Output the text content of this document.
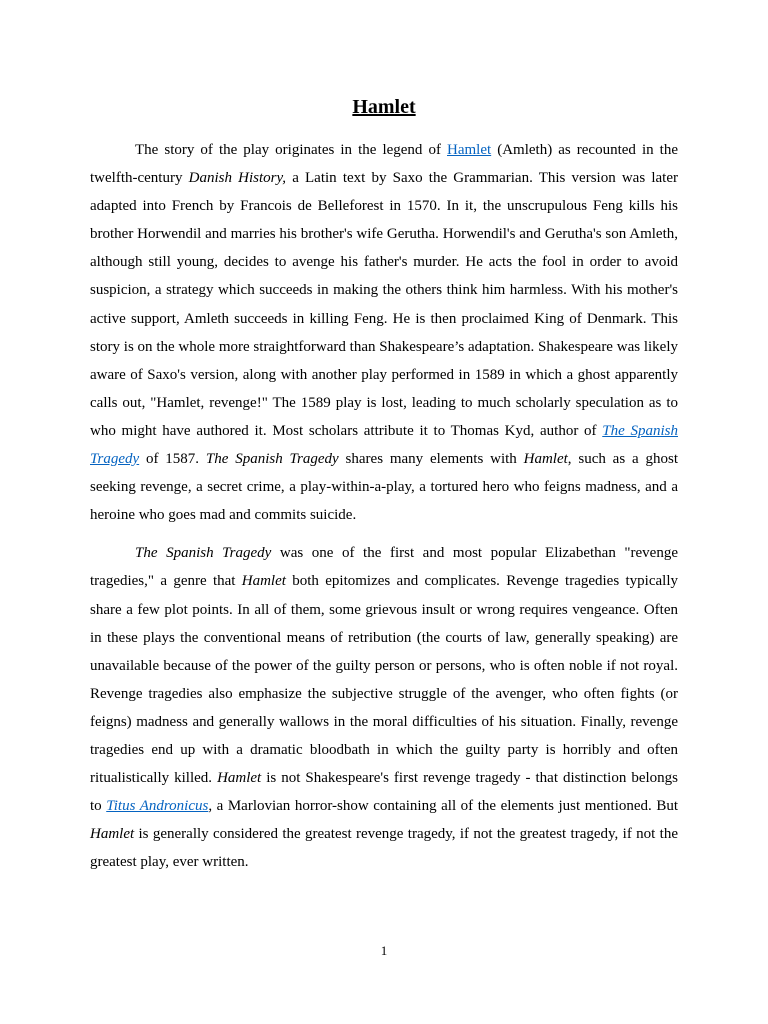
Hamlet

The story of the play originates in the legend of Hamlet (Amleth) as recounted in the twelfth-century Danish History, a Latin text by Saxo the Grammarian. This version was later adapted into French by Francois de Belleforest in 1570. In it, the unscrupulous Feng kills his brother Horwendil and marries his brother's wife Gerutha. Horwendil's and Gerutha's son Amleth, although still young, decides to avenge his father's murder. He acts the fool in order to avoid suspicion, a strategy which succeeds in making the others think him harmless. With his mother's active support, Amleth succeeds in killing Feng. He is then proclaimed King of Denmark. This story is on the whole more straightforward than Shakespeare’s adaptation. Shakespeare was likely aware of Saxo's version, along with another play performed in 1589 in which a ghost apparently calls out, "Hamlet, revenge!" The 1589 play is lost, leading to much scholarly speculation as to who might have authored it. Most scholars attribute it to Thomas Kyd, author of The Spanish Tragedy of 1587. The Spanish Tragedy shares many elements with Hamlet, such as a ghost seeking revenge, a secret crime, a play-within-a-play, a tortured hero who feigns madness, and a heroine who goes mad and commits suicide.

The Spanish Tragedy was one of the first and most popular Elizabethan "revenge tragedies," a genre that Hamlet both epitomizes and complicates. Revenge tragedies typically share a few plot points. In all of them, some grievous insult or wrong requires vengeance. Often in these plays the conventional means of retribution (the courts of law, generally speaking) are unavailable because of the power of the guilty person or persons, who is often noble if not royal. Revenge tragedies also emphasize the subjective struggle of the avenger, who often fights (or feigns) madness and generally wallows in the moral difficulties of his situation. Finally, revenge tragedies end up with a dramatic bloodbath in which the guilty party is horribly and often ritualistically killed. Hamlet is not Shakespeare's first revenge tragedy - that distinction belongs to Titus Andronicus, a Marlovian horror-show containing all of the elements just mentioned. But Hamlet is generally considered the greatest revenge tragedy, if not the greatest tragedy, if not the greatest play, ever written.

1
